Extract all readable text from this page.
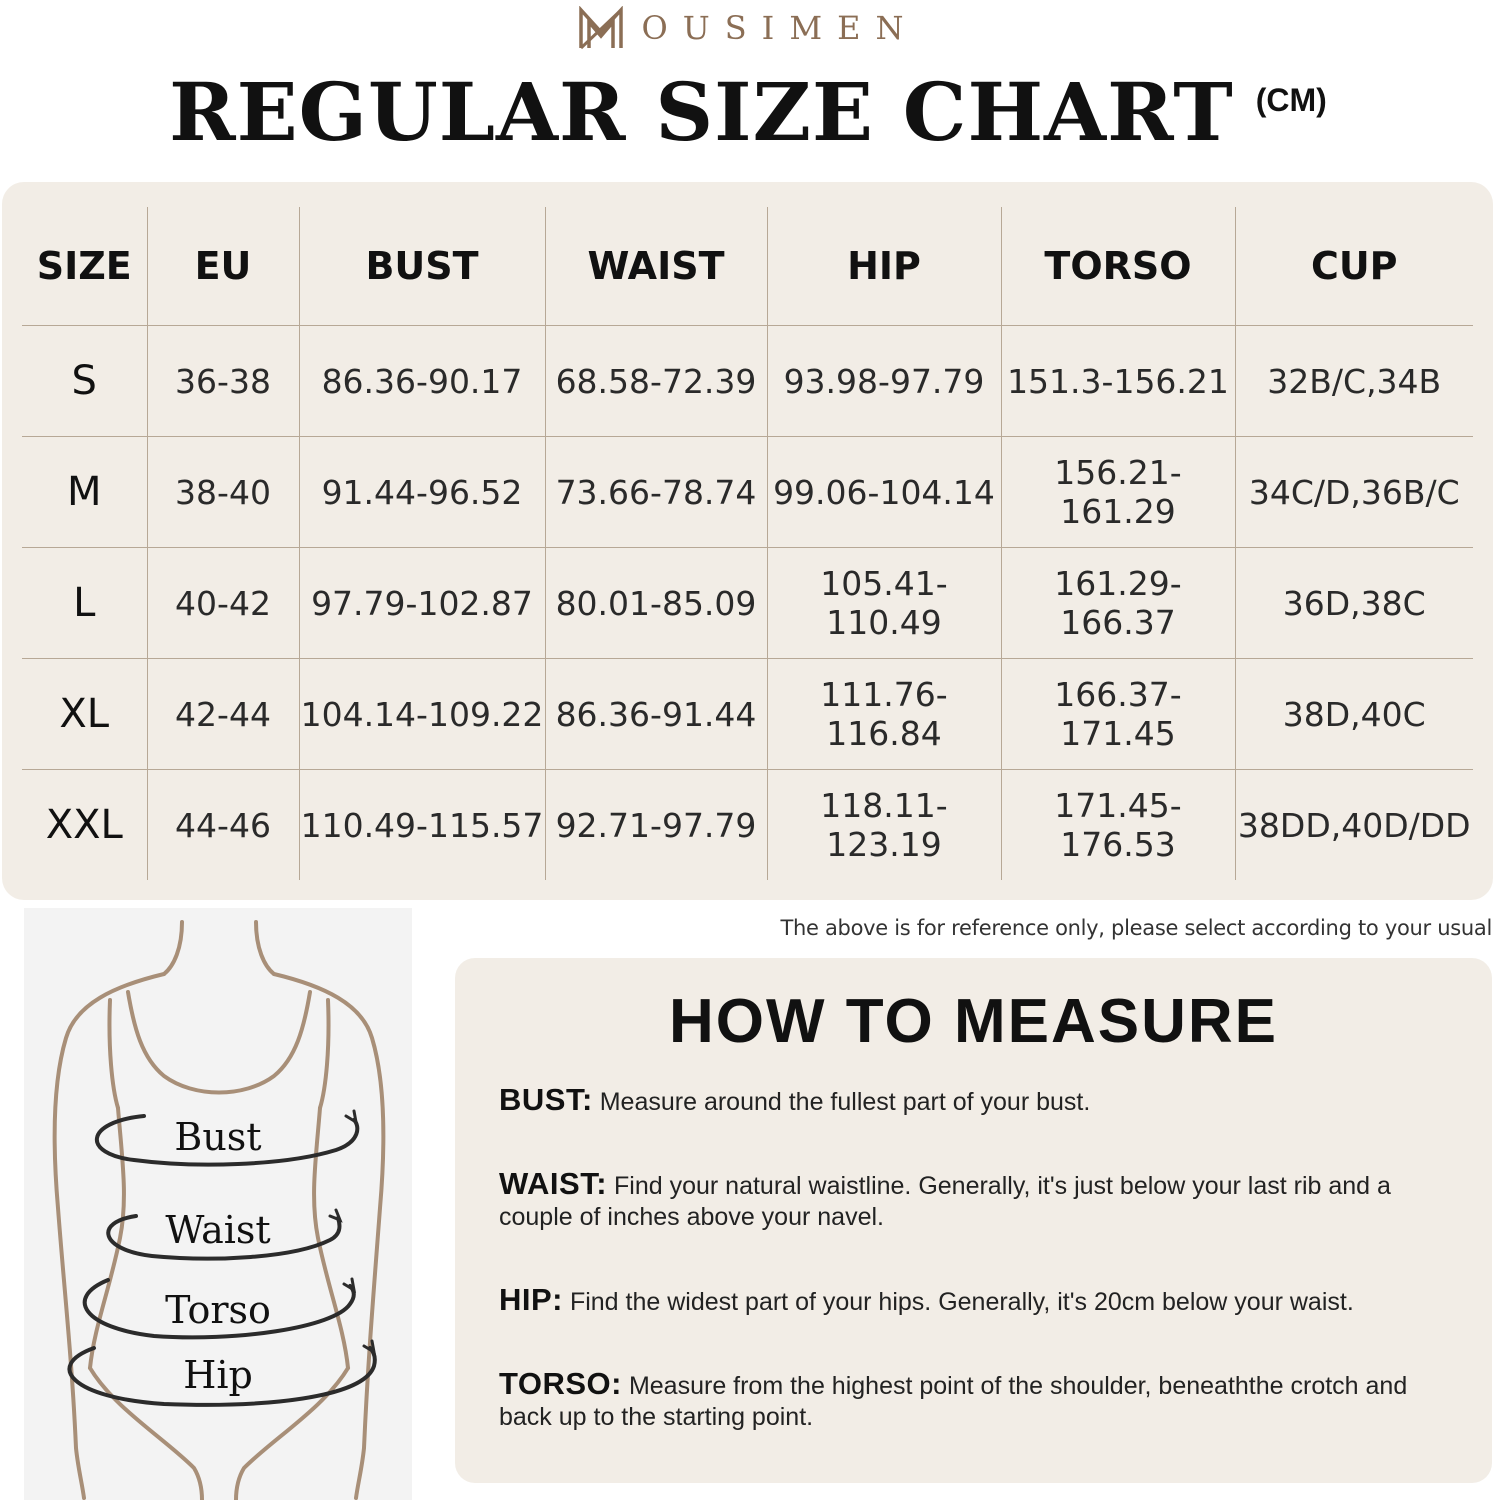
OUSIMEN
REGULAR SIZE CHART (CM)
SIZE	EU	BUST	WAIST	HIP	TORSO	CUP
S	36-38	86.36-90.17	68.58-72.39	93.98-97.79	151.3-156.21	32B/C,34B
M	38-40	91.44-96.52	73.66-78.74	99.06-104.14	156.21-161.29	34C/D,36B/C
L	40-42	97.79-102.87	80.01-85.09	105.41-110.49	161.29-166.37	36D,38C
XL	42-44	104.14-109.22	86.36-91.44	111.76-116.84	166.37-171.45	38D,40C
XXL	44-46	110.49-115.57	92.71-97.79	118.11-123.19	171.45-176.53	38DD,40D/DD
The above is for reference only, please select according to your usual
Bust
Waist
Torso
Hip
HOW TO MEASURE
BUST: Measure around the fullest part of your bust.
WAIST: Find your natural waistline. Generally, it's just below your last rib and a couple of inches above your navel.
HIP: Find the widest part of your hips. Generally, it's 20cm below your waist.
TORSO: Measure from the highest point of the shoulder, beneaththe crotch and back up to the starting point.
